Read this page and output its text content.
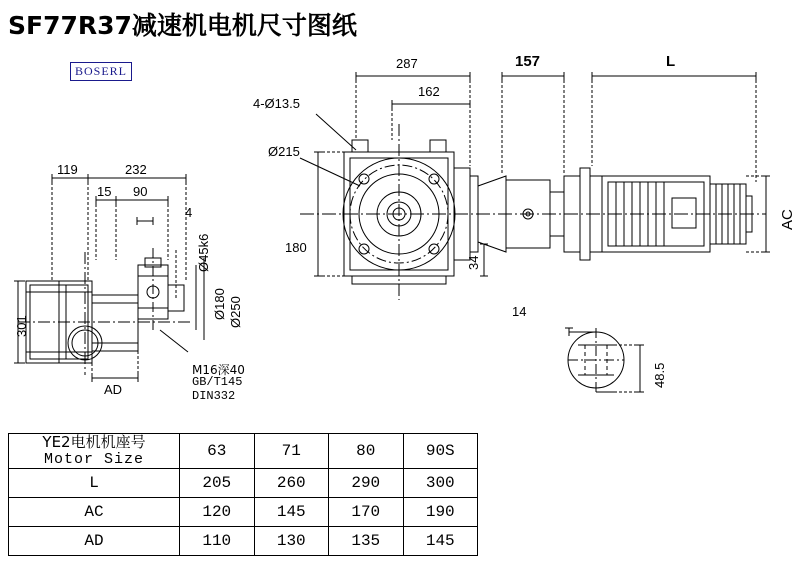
SF77R37减速机电机尺寸图纸
BOSERL	287
162
157	L
4-Ø13.5
Ø215
180
34
AC
14
48.5
119	232
15 90
4
301
AD
Ø45k6
Ø180 Ø250
M16深40
GB/T145
DIN332
YE2电机机座号
Motor Size	63	71	80	90S
L	205	260	290	300
AC	120	145	170	190
AD	110	130	135	145
